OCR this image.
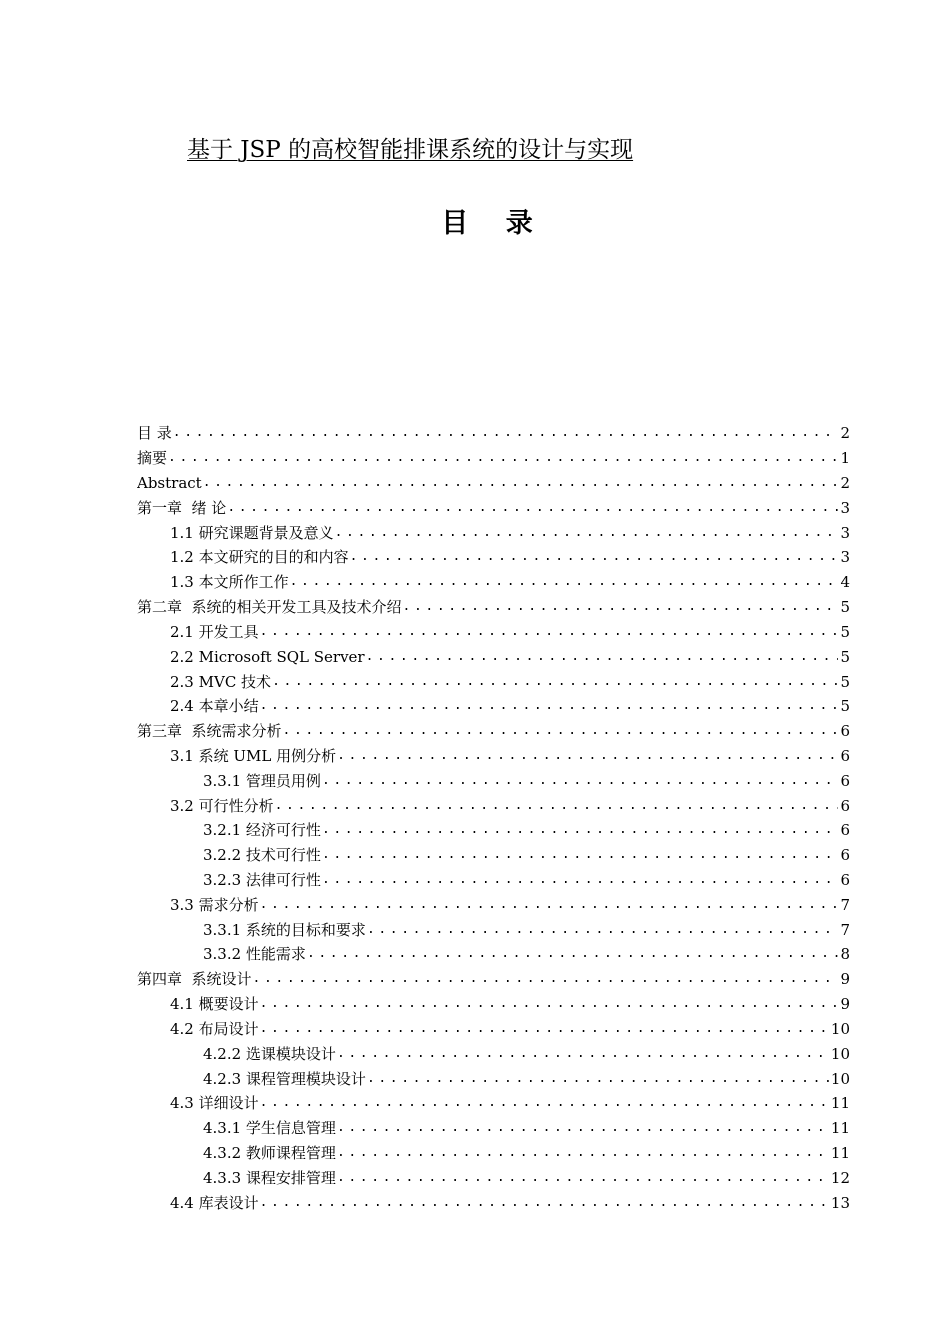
基于 JSP 的高校智能排课系统的设计与实现
目 录
目 录 .....	2
摘要 .....	1
Abstract .....	2
第一章  绪 论 .....	3
1.1 研究课题背景及意义 .....	3
1.2 本文研究的目的和内容 .....	3
1.3 本文所作工作 .....	4
第二章  系统的相关开发工具及技术介绍 .....	5
2.1 开发工具 .....	5
2.2 Microsoft SQL Server .....	5
2.3 MVC 技术 .....	5
2.4 本章小结 .....	5
第三章  系统需求分析 .....	6
3.1 系统 UML 用例分析 .....	6
3.3.1 管理员用例 .....	6
3.2 可行性分析 .....	6
3.2.1 经济可行性 .....	6
3.2.2 技术可行性 .....	6
3.2.3 法律可行性 .....	6
3.3 需求分析 .....	7
3.3.1 系统的目标和要求 .....	7
3.3.2 性能需求 .....	8
第四章  系统设计 .....	9
4.1 概要设计 .....	9
4.2 布局设计 .....	10
4.2.2 选课模块设计 .....	10
4.2.3 课程管理模块设计 .....	10
4.3 详细设计 .....	11
4.3.1 学生信息管理 .....	11
4.3.2 教师课程管理 .....	11
4.3.3 课程安排管理 .....	12
4.4 库表设计 .....	13
